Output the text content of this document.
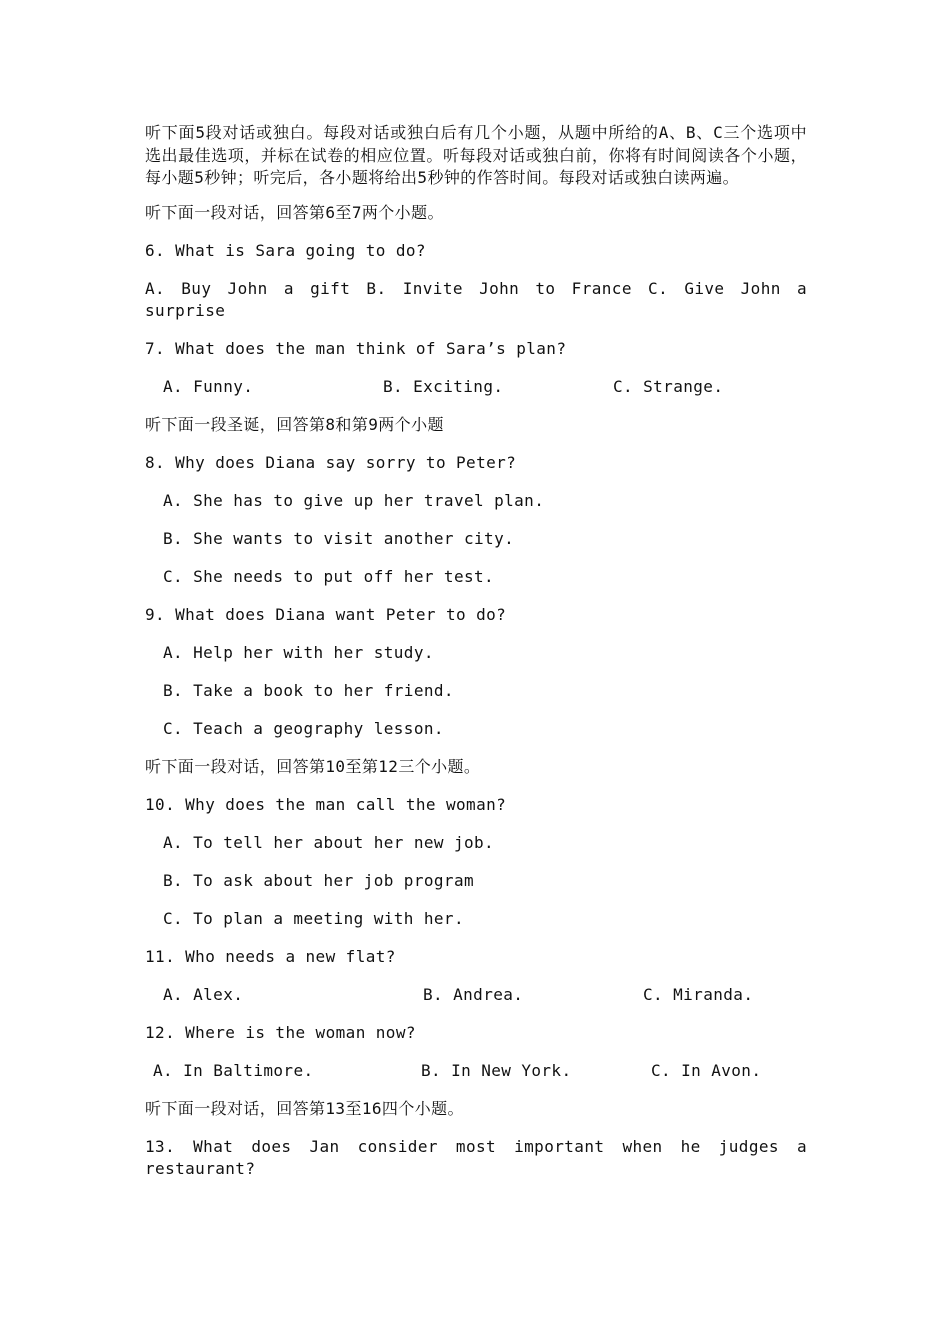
听下面5段对话或独白。每段对话或独白后有几个小题，从题中所给的A、B、C三个选项中选出最佳选项，并标在试卷的相应位置。听每段对话或独白前，你将有时间阅读各个小题，每小题5秒钟；听完后，各小题将给出5秒钟的作答时间。每段对话或独白读两遍。

听下面一段对话，回答第6至7两个小题。

6. What is Sara going to do?

A. Buy John a gift B. Invite John to France C. Give John a surprise

7. What does the man think of Sara’s plan?

A. Funny.	B. Exciting.	C. Strange.

听下面一段圣诞，回答第8和第9两个小题

8. Why does Diana say sorry to Peter?

A. She has to give up her travel plan.

B. She wants to visit another city.

C. She needs to put off her test.

9. What does Diana want Peter to do?

A. Help her with her study.

B. Take a book to her friend.

C. Teach a geography lesson.

听下面一段对话，回答第10至第12三个小题。

10. Why does the man call the woman?

A. To tell her about her new job.

B. To ask about her job program

C. To plan a meeting with her.

11. Who needs a new flat?

A. Alex.	B. Andrea.	C. Miranda.

12. Where is the woman now?

A. In Baltimore.	B. In New York.	C. In Avon.

听下面一段对话，回答第13至16四个小题。

13. What does Jan consider most important when he judges a restaurant?
